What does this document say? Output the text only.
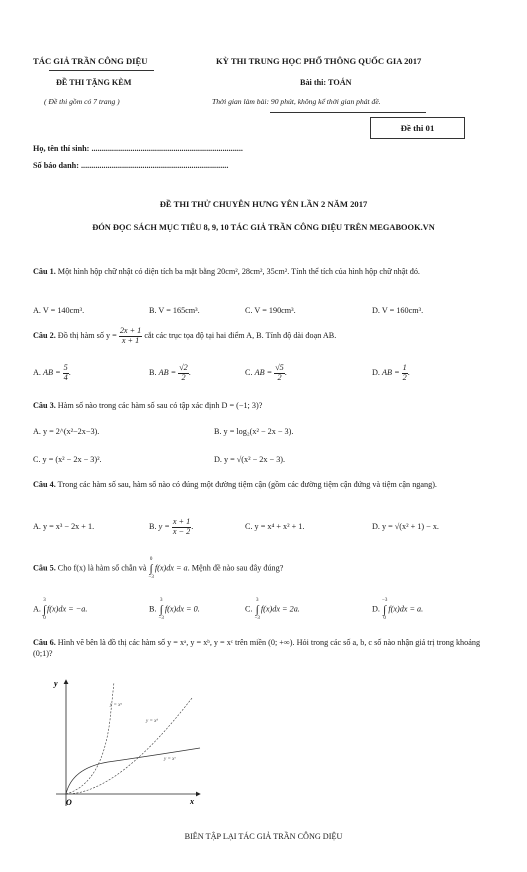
TÁC GIẢ TRẦN CÔNG DIỆU	KỲ THI TRUNG HỌC PHỔ THÔNG QUỐC GIA 2017
ĐỀ THI TẶNG KÈM	Bài thi: TOÁN
( Đề thi gồm có 7 trang )	Thời gian làm bài: 90 phút, không kể thời gian phát đề.
Đề thi 01
Họ, tên thí sinh: ..........................................................................
Số báo danh: ........................................................................
ĐỀ THI THỬ CHUYÊN HƯNG YÊN LẦN 2 NĂM 2017
ĐÓN ĐỌC SÁCH MỤC TIÊU 8, 9, 10 TÁC GIẢ TRẦN CÔNG DIỆU TRÊN MEGABOOK.VN
Câu 1. Một hình hộp chữ nhật có diện tích ba mặt bằng 20cm², 28cm², 35cm². Tính thể tích của hình hộp chữ nhật đó.
A. V = 140cm³.	B. V = 165cm³.	C. V = 190cm³.	D. V = 160cm³.
Câu 2. Đồ thị hàm số $y = \frac{2x + 1}{x + 1}$ cắt các trục tọa độ tại hai điểm A, B. Tính độ dài đoạn AB.
A. AB = $\frac{5}{4}$ .	B. AB = $\frac{√2}{2}$ .	C. AB = $\frac{√5}{2}$ .	D. AB = $\frac{1}{2}$ .
Câu 3. Hàm số nào trong các hàm số sau có tập xác định D = (−1; 3)?
A. y = 2^(x²−2x−3).	B. y = log₂(x² − 2x − 3).
C. y = (x² − 2x − 3)².	D. y = √(x² − 2x − 3).
Câu 4. Trong các hàm số sau, hàm số nào có đúng một đường tiệm cận (gồm các đường tiệm cận đứng và tiệm cận ngang).
A. y = x³ − 2x + 1.	B. $y = \frac{x + 1}{x - 2}$ .	C. y = x⁴ + x² + 1.	D. y = √(x² + 1) − x.
Câu 5. Cho f(x) là hàm số chẵn và
0
∫
−3
f(x)dx = a. Mệnh đề nào sau đây đúng?
A.
3
∫
0
f(x)dx = −a.	B.
3
∫
−3
f(x)dx = 0.	C.
3
∫
−3
f(x)dx = 2a.	D.
−3
∫
0
f(x)dx = a.
Câu 6. Hình vẽ bên là đồ thị các hàm số y = xᵃ, y = xᵇ, y = xᶜ trên miền (0; +∞). Hỏi trong các số a, b, c số nào nhận giá trị trong khoảng (0;1)?
y
x
O
y = xᵃ
y = xᵇ
y = xᶜ
BIÊN TẬP LẠI TÁC GIẢ TRẦN CÔNG DIỆU
